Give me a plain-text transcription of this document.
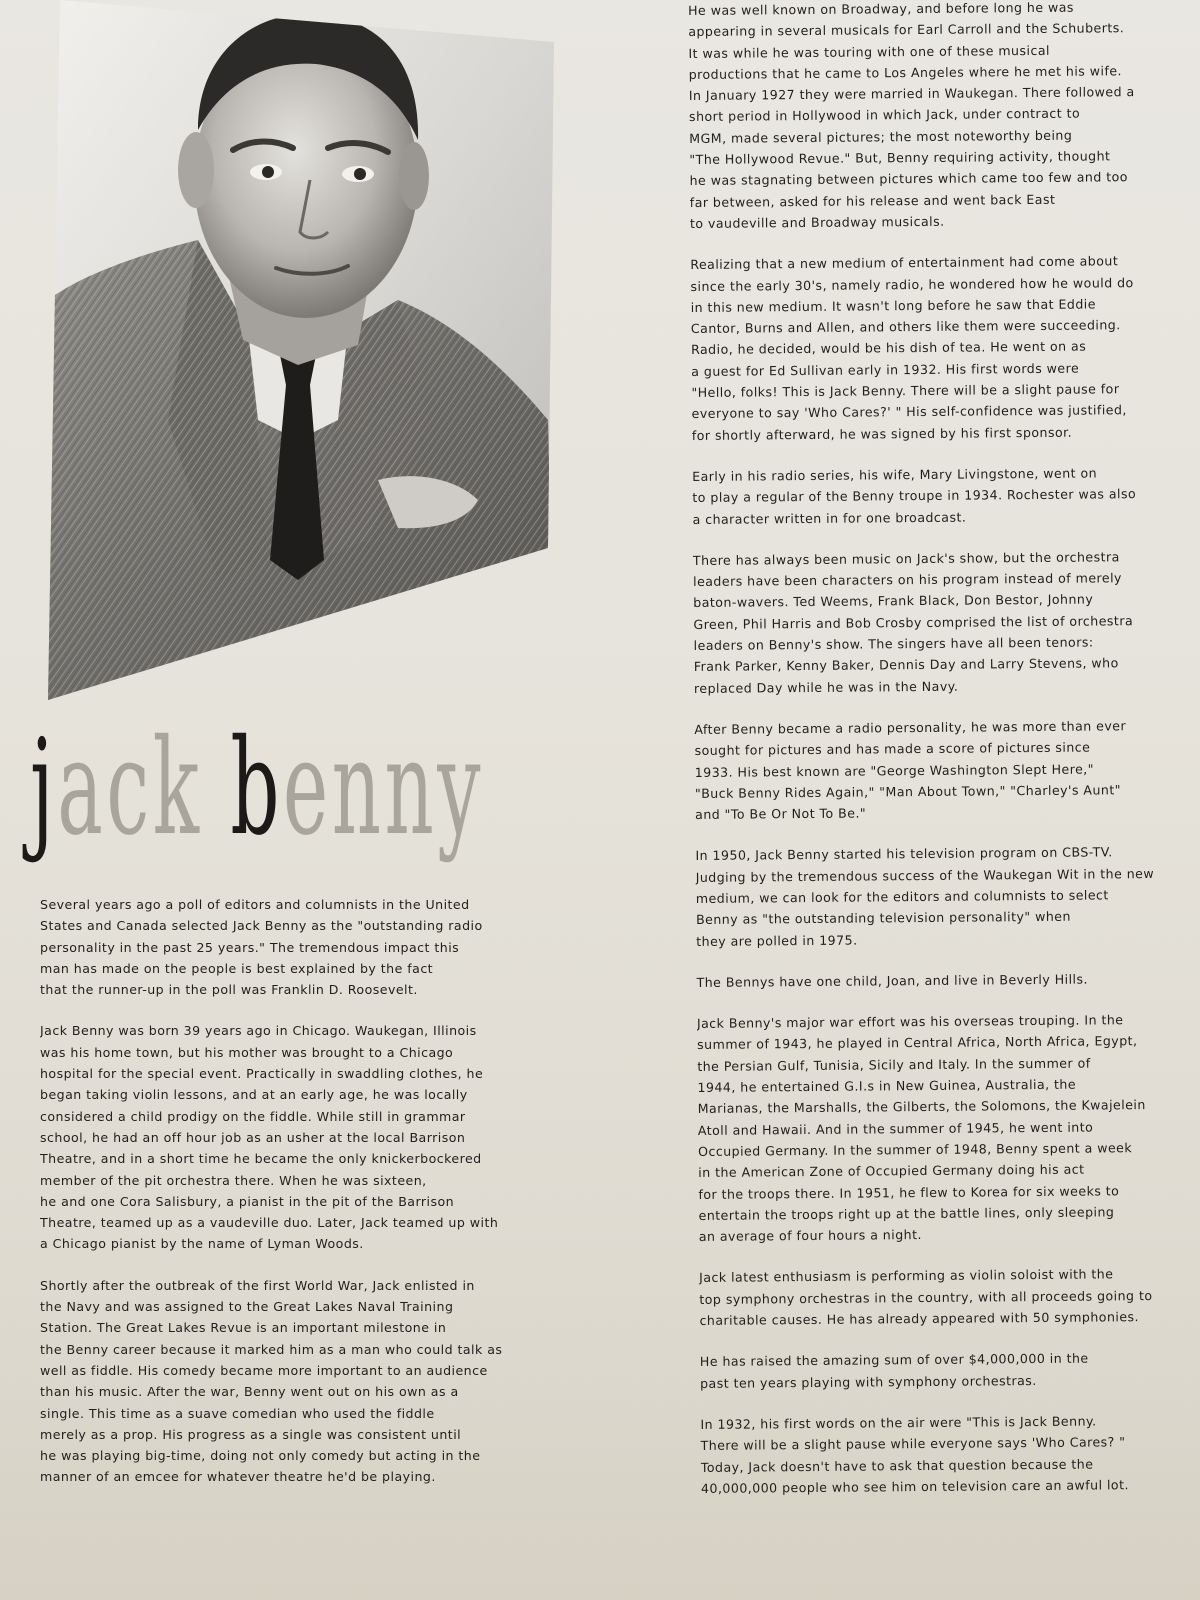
jack benny

Several years ago a poll of editors and columnists in the United
States and Canada selected Jack Benny as the "outstanding radio
personality in the past 25 years." The tremendous impact this
man has made on the people is best explained by the fact
that the runner-up in the poll was Franklin D. Roosevelt.

Jack Benny was born 39 years ago in Chicago. Waukegan, Illinois
was his home town, but his mother was brought to a Chicago
hospital for the special event. Practically in swaddling clothes, he
began taking violin lessons, and at an early age, he was locally
considered a child prodigy on the fiddle. While still in grammar
school, he had an off hour job as an usher at the local Barrison
Theatre, and in a short time he became the only knickerbockered
member of the pit orchestra there. When he was sixteen,
he and one Cora Salisbury, a pianist in the pit of the Barrison
Theatre, teamed up as a vaudeville duo. Later, Jack teamed up with
a Chicago pianist by the name of Lyman Woods.

Shortly after the outbreak of the first World War, Jack enlisted in
the Navy and was assigned to the Great Lakes Naval Training
Station. The Great Lakes Revue is an important milestone in
the Benny career because it marked him as a man who could talk as
well as fiddle. His comedy became more important to an audience
than his music. After the war, Benny went out on his own as a
single. This time as a suave comedian who used the fiddle
merely as a prop. His progress as a single was consistent until
he was playing big-time, doing not only comedy but acting in the
manner of an emcee for whatever theatre he'd be playing.

He was well known on Broadway, and before long he was
appearing in several musicals for Earl Carroll and the Schuberts.
It was while he was touring with one of these musical
productions that he came to Los Angeles where he met his wife.
In January 1927 they were married in Waukegan. There followed a
short period in Hollywood in which Jack, under contract to
MGM, made several pictures; the most noteworthy being
"The Hollywood Revue." But, Benny requiring activity, thought
he was stagnating between pictures which came too few and too
far between, asked for his release and went back East
to vaudeville and Broadway musicals.

Realizing that a new medium of entertainment had come about
since the early 30's, namely radio, he wondered how he would do
in this new medium. It wasn't long before he saw that Eddie
Cantor, Burns and Allen, and others like them were succeeding.
Radio, he decided, would be his dish of tea. He went on as
a guest for Ed Sullivan early in 1932. His first words were
"Hello, folks! This is Jack Benny. There will be a slight pause for
everyone to say 'Who Cares?' " His self-confidence was justified,
for shortly afterward, he was signed by his first sponsor.

Early in his radio series, his wife, Mary Livingstone, went on
to play a regular of the Benny troupe in 1934. Rochester was also
a character written in for one broadcast.

There has always been music on Jack's show, but the orchestra
leaders have been characters on his program instead of merely
baton-wavers. Ted Weems, Frank Black, Don Bestor, Johnny
Green, Phil Harris and Bob Crosby comprised the list of orchestra
leaders on Benny's show. The singers have all been tenors:
Frank Parker, Kenny Baker, Dennis Day and Larry Stevens, who
replaced Day while he was in the Navy.

After Benny became a radio personality, he was more than ever
sought for pictures and has made a score of pictures since
1933. His best known are "George Washington Slept Here,"
"Buck Benny Rides Again," "Man About Town," "Charley's Aunt"
and "To Be Or Not To Be."

In 1950, Jack Benny started his television program on CBS-TV.
Judging by the tremendous success of the Waukegan Wit in the new
medium, we can look for the editors and columnists to select
Benny as "the outstanding television personality" when
they are polled in 1975.

The Bennys have one child, Joan, and live in Beverly Hills.

Jack Benny's major war effort was his overseas trouping. In the
summer of 1943, he played in Central Africa, North Africa, Egypt,
the Persian Gulf, Tunisia, Sicily and Italy. In the summer of
1944, he entertained G.I.s in New Guinea, Australia, the
Marianas, the Marshalls, the Gilberts, the Solomons, the Kwajelein
Atoll and Hawaii. And in the summer of 1945, he went into
Occupied Germany. In the summer of 1948, Benny spent a week
in the American Zone of Occupied Germany doing his act
for the troops there. In 1951, he flew to Korea for six weeks to
entertain the troops right up at the battle lines, only sleeping
an average of four hours a night.

Jack latest enthusiasm is performing as violin soloist with the
top symphony orchestras in the country, with all proceeds going to
charitable causes. He has already appeared with 50 symphonies.

He has raised the amazing sum of over $4,000,000 in the
past ten years playing with symphony orchestras.

In 1932, his first words on the air were "This is Jack Benny.
There will be a slight pause while everyone says 'Who Cares? "
Today, Jack doesn't have to ask that question because the
40,000,000 people who see him on television care an awful lot.
